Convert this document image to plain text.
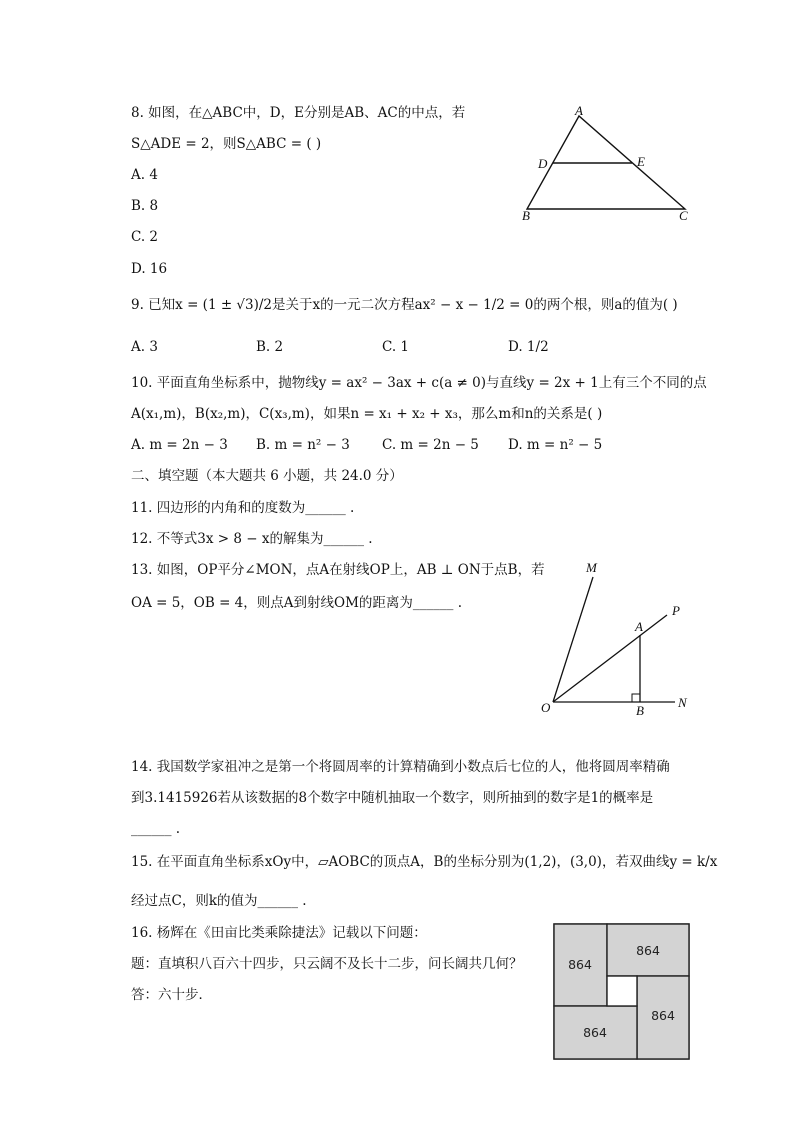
8. 如图，在△ABC中，D，E分别是AB、AC的中点，若
S△ADE = 2，则S△ABC = ( )
A. 4
B. 8
C. 2
D. 16
A
D	E
B	C
9. 已知x = (1 ± √3)/2是关于x的一元二次方程ax² − x − 1/2 = 0的两个根，则a的值为( )
A. 3	B. 2	C. 1	D. 1/2
10. 平面直角坐标系中，抛物线y = ax² − 3ax + c(a ≠ 0)与直线y = 2x + 1上有三个不同的点
A(x₁,m)，B(x₂,m)，C(x₃,m)，如果n = x₁ + x₂ + x₃，那么m和n的关系是( )
A. m = 2n − 3 B. m = n² − 3 C. m = 2n − 5 D. m = n² − 5
二、填空题（本大题共 6 小题，共 24.0 分）
11. 四边形的内角和的度数为______ .
12. 不等式3x > 8 − x的解集为______ .
13. 如图，OP平分∠MON，点A在射线OP上，AB ⊥ ON于点B，若
OA = 5，OB = 4，则点A到射线OM的距离为______ .
M
P
A
O	B
N
14. 我国数学家祖冲之是第一个将圆周率的计算精确到小数点后七位的人，他将圆周率精确
到3.1415926若从该数据的8个数字中随机抽取一个数字，则所抽到的数字是1的概率是
______ .
15. 在平面直角坐标系xOy中，▱AOBC的顶点A，B的坐标分别为(1,2)，(3,0)，若双曲线y = k/x
经过点C，则k的值为______ .
16. 杨辉在《田亩比类乘除捷法》记载以下问题：
题：直填积八百六十四步，只云阔不及长十二步，问长阔共几何？
答：六十步．
864
864
864
864
